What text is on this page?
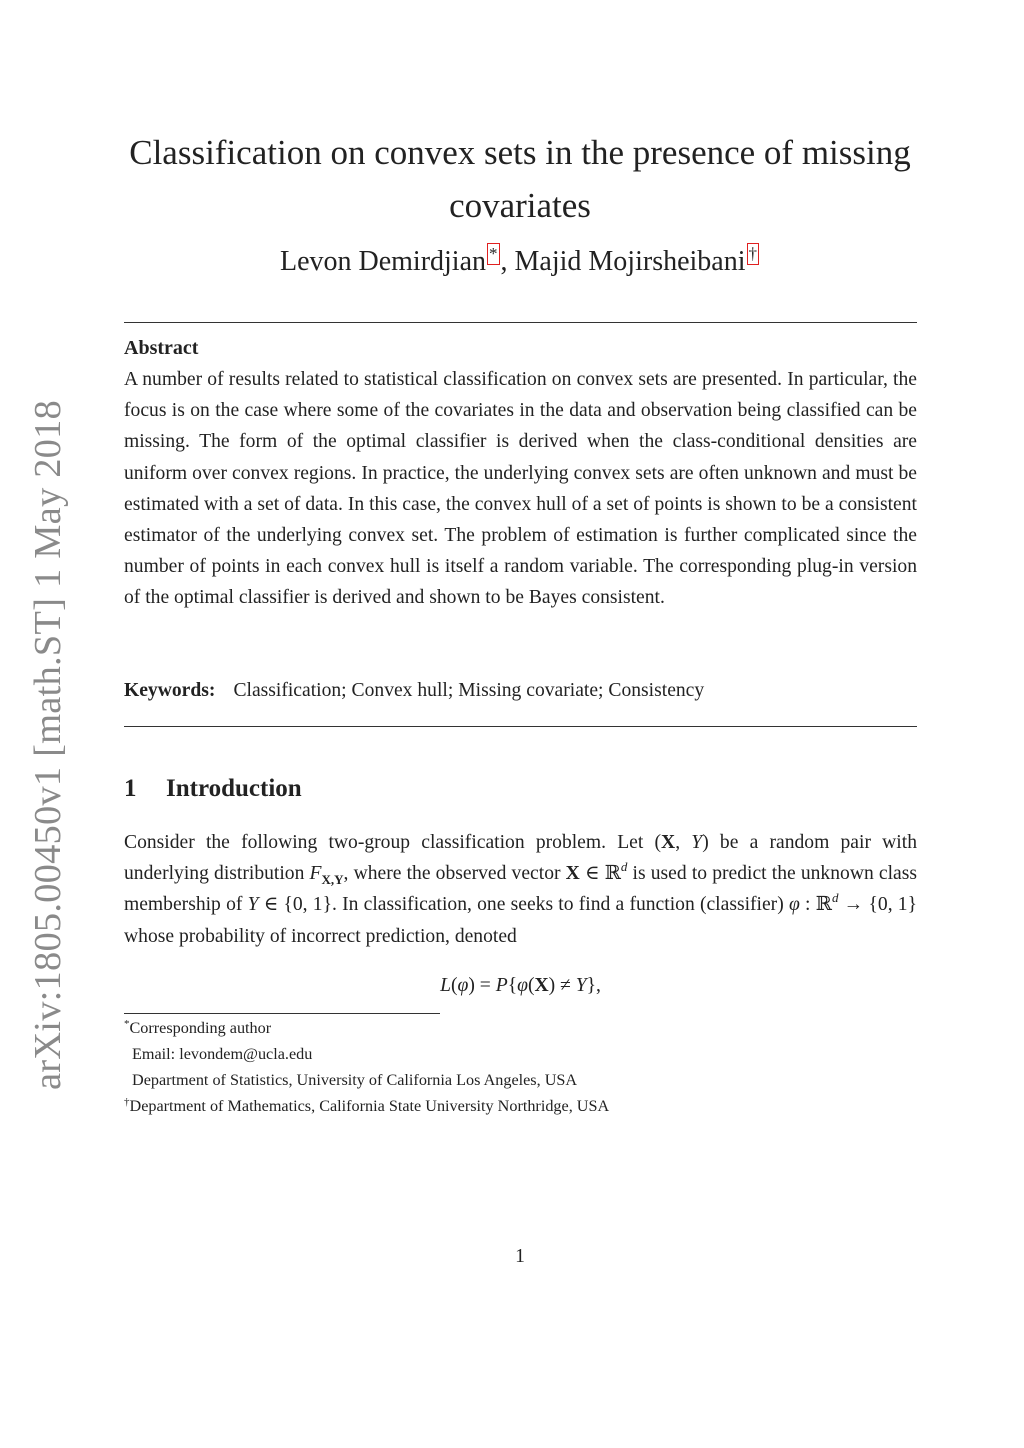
arXiv:1805.00450v1 [math.ST] 1 May 2018
Classification on convex sets in the presence of missing
covariates
Levon Demirdjian * , Majid Mojirsheibani †
Abstract
A number of results related to statistical classification on convex sets are presented. In particular, the focus is on the case where some of the covariates in the data and observation being classified can be missing. The form of the optimal classifier is derived when the class-conditional densities are uniform over convex regions. In practice, the underlying convex sets are often unknown and must be estimated with a set of data. In this case, the convex hull of a set of points is shown to be a consistent estimator of the underlying convex set. The problem of estimation is further complicated since the number of points in each convex hull is itself a random variable. The corresponding plug-in version of the optimal classifier is derived and shown to be Bayes consistent.
Keywords: Classification; Convex hull; Missing covariate; Consistency
1 Introduction
Consider the following two-group classification problem. Let (X, Y) be a random pair with underlying distribution $F_{X,Y}$, where the observed vector X ∈ ℝ$^d$ is used to predict the unknown class membership of Y ∈ {0, 1}. In classification, one seeks to find a function (classifier) φ : ℝ$^d$ → {0, 1} whose probability of incorrect prediction, denoted
L(φ) = P{φ(X) ≠ Y},
*Corresponding author
Email: levondem@ucla.edu
Department of Statistics, University of California Los Angeles, USA
†Department of Mathematics, California State University Northridge, USA
1
